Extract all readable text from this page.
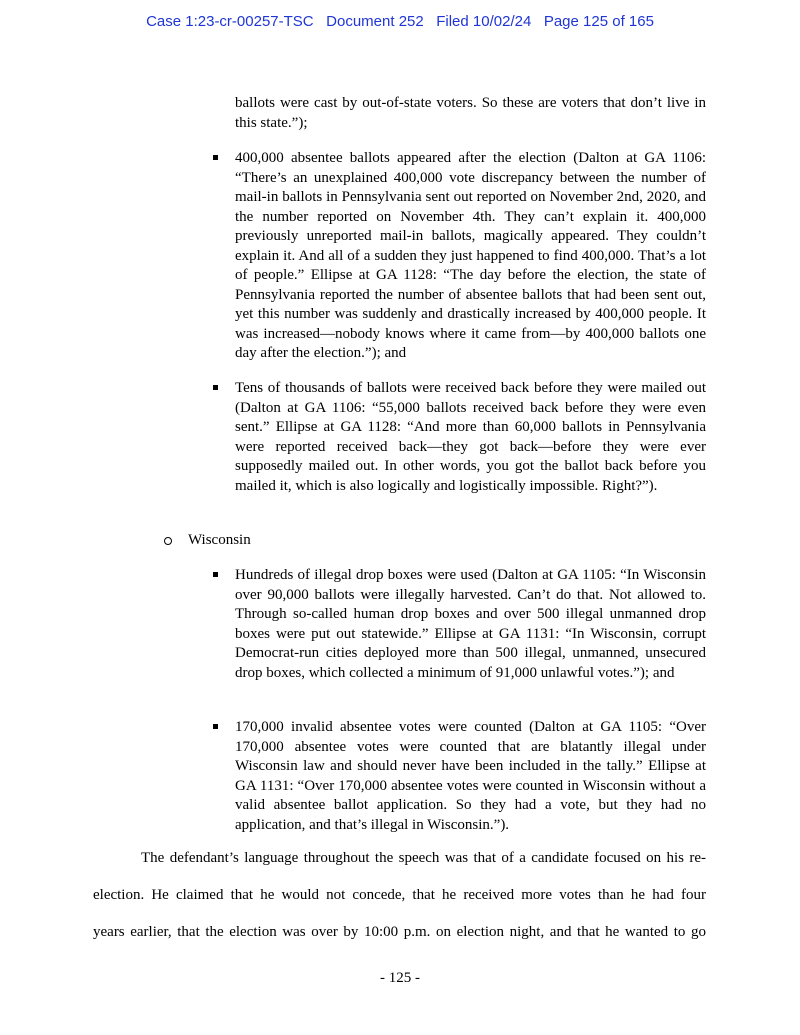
Case 1:23-cr-00257-TSC Document 252 Filed 10/02/24 Page 125 of 165
ballots were cast by out-of-state voters. So these are voters that don’t live in this state.”);
400,000 absentee ballots appeared after the election (Dalton at GA 1106: “There’s an unexplained 400,000 vote discrepancy between the number of mail-in ballots in Pennsylvania sent out reported on November 2nd, 2020, and the number reported on November 4th. They can’t explain it. 400,000 previously unreported mail-in ballots, magically appeared. They couldn’t explain it. And all of a sudden they just happened to find 400,000. That’s a lot of people.” Ellipse at GA 1128: “The day before the election, the state of Pennsylvania reported the number of absentee ballots that had been sent out, yet this number was suddenly and drastically increased by 400,000 people. It was increased—nobody knows where it came from—by 400,000 ballots one day after the election.”); and
Tens of thousands of ballots were received back before they were mailed out (Dalton at GA 1106: “55,000 ballots received back before they were even sent.” Ellipse at GA 1128: “And more than 60,000 ballots in Pennsylvania were reported received back—they got back—before they were ever supposedly mailed out. In other words, you got the ballot back before you mailed it, which is also logically and logistically impossible. Right?”).
Wisconsin
Hundreds of illegal drop boxes were used (Dalton at GA 1105: “In Wisconsin over 90,000 ballots were illegally harvested. Can’t do that. Not allowed to. Through so-called human drop boxes and over 500 illegal unmanned drop boxes were put out statewide.” Ellipse at GA 1131: “In Wisconsin, corrupt Democrat-run cities deployed more than 500 illegal, unmanned, unsecured drop boxes, which collected a minimum of 91,000 unlawful votes.”); and
170,000 invalid absentee votes were counted (Dalton at GA 1105: “Over 170,000 absentee votes were counted that are blatantly illegal under Wisconsin law and should never have been included in the tally.” Ellipse at GA 1131: “Over 170,000 absentee votes were counted in Wisconsin without a valid absentee ballot application. So they had a vote, but they had no application, and that’s illegal in Wisconsin.”).
The defendant’s language throughout the speech was that of a candidate focused on his re-
election. He claimed that he would not concede, that he received more votes than he had four
years earlier, that the election was over by 10:00 p.m. on election night, and that he wanted to go
- 125 -
